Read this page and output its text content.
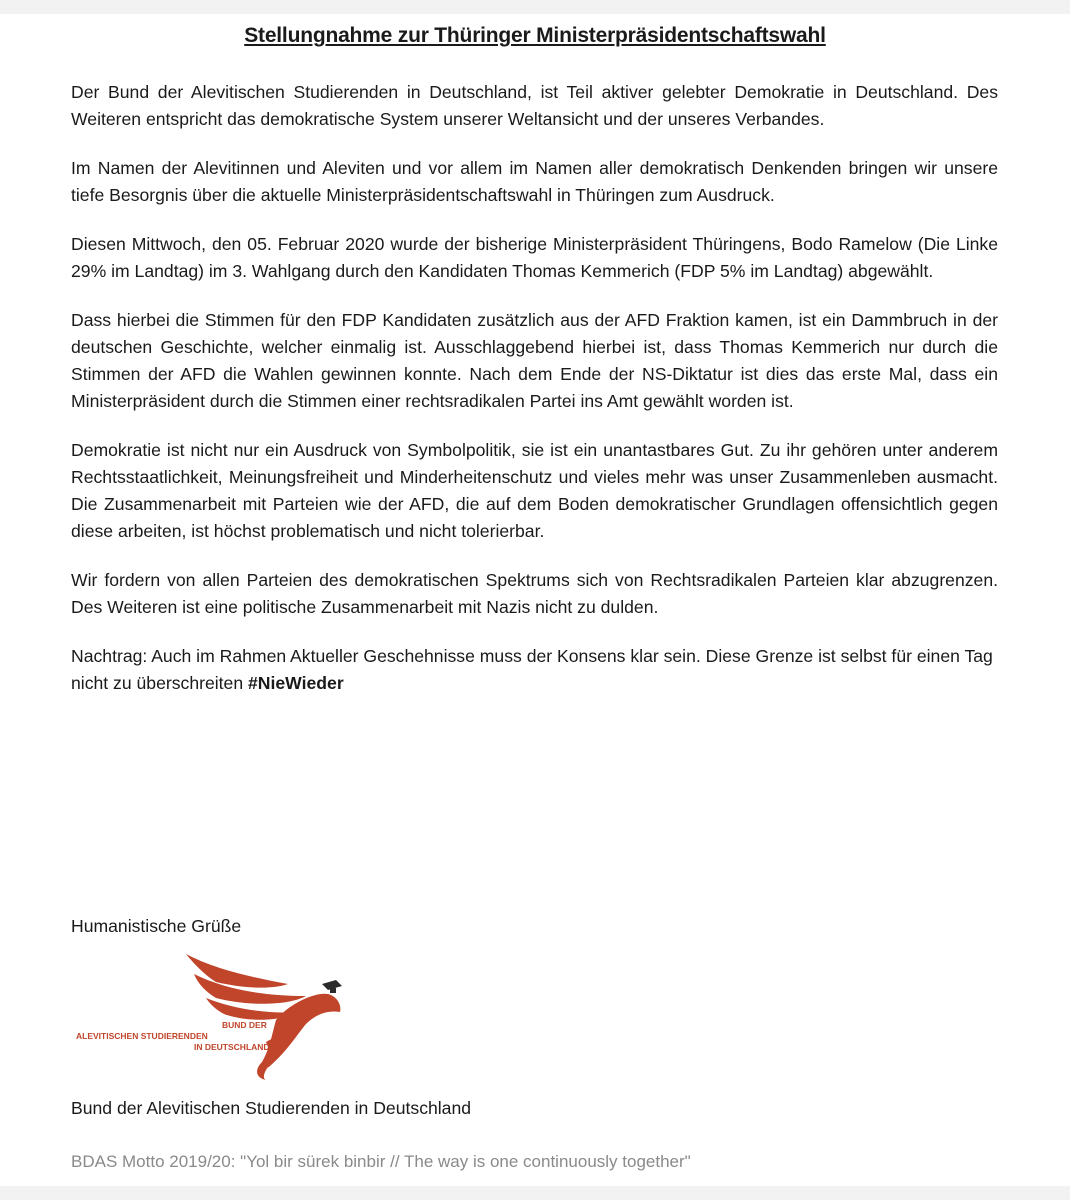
Stellungnahme zur Thüringer Ministerpräsidentschaftswahl

Der Bund der Alevitischen Studierenden in Deutschland, ist Teil aktiver gelebter Demokratie in Deutschland. Des Weiteren entspricht das demokratische System unserer Weltansicht und der unseres Verbandes.

Im Namen der Alevitinnen und Aleviten und vor allem im Namen aller demokratisch Denkenden bringen wir unsere tiefe Besorgnis über die aktuelle Ministerpräsidentschaftswahl in Thüringen zum Ausdruck.

Diesen Mittwoch, den 05. Februar 2020 wurde der bisherige Ministerpräsident Thüringens, Bodo Ramelow (Die Linke 29% im Landtag) im 3. Wahlgang durch den Kandidaten Thomas Kemmerich (FDP 5% im Landtag) abgewählt.

Dass hierbei die Stimmen für den FDP Kandidaten zusätzlich aus der AFD Fraktion kamen, ist ein Dammbruch in der deutschen Geschichte, welcher einmalig ist. Ausschlaggebend hierbei ist, dass Thomas Kemmerich nur durch die Stimmen der AFD die Wahlen gewinnen konnte. Nach dem Ende der NS-Diktatur ist dies das erste Mal, dass ein Ministerpräsident durch die Stimmen einer rechtsradikalen Partei ins Amt gewählt worden ist.

Demokratie ist nicht nur ein Ausdruck von Symbolpolitik, sie ist ein unantastbares Gut. Zu ihr gehören unter anderem Rechtsstaatlichkeit, Meinungsfreiheit und Minderheitenschutz und vieles mehr was unser Zusammenleben ausmacht. Die Zusammenarbeit mit Parteien wie der AFD, die auf dem Boden demokratischer Grundlagen offensichtlich gegen diese arbeiten, ist höchst problematisch und nicht tolerierbar.

Wir fordern von allen Parteien des demokratischen Spektrums sich von Rechtsradikalen Parteien klar abzugrenzen. Des Weiteren ist eine politische Zusammenarbeit mit Nazis nicht zu dulden.

Nachtrag: Auch im Rahmen Aktueller Geschehnisse muss der Konsens klar sein. Diese Grenze ist selbst für einen Tag nicht zu überschreiten #NieWieder

Humanistische Grüße
BUND DER
ALEVITISCHEN STUDIERENDEN
IN DEUTSCHLAND
Bund der Alevitischen Studierenden in Deutschland
BDAS Motto 2019/20: "Yol bir sürek binbir // The way is one continuously together"
